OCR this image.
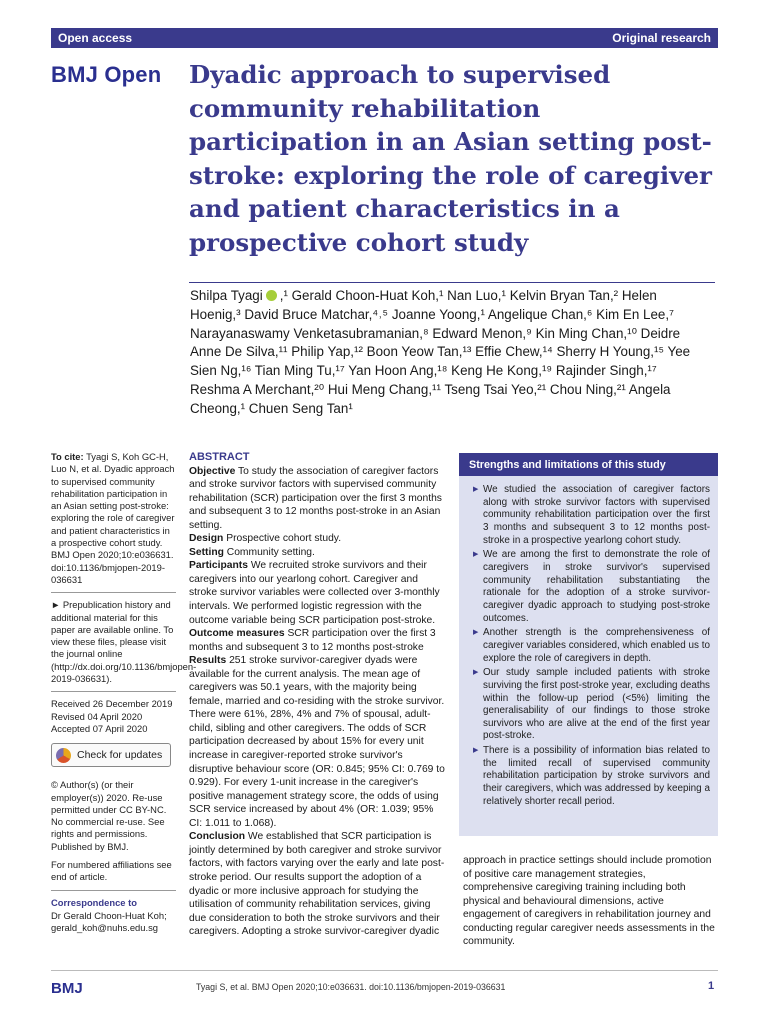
Open access	Original research
BMJ Open Dyadic approach to supervised community rehabilitation participation in an Asian setting post-stroke: exploring the role of caregiver and patient characteristics in a prospective cohort study
Shilpa Tyagi ,¹ Gerald Choon-Huat Koh,¹ Nan Luo,¹ Kelvin Bryan Tan,² Helen Hoenig,³ David Bruce Matchar,⁴˒⁵ Joanne Yoong,¹ Angelique Chan,⁶ Kim En Lee,⁷ Narayanaswamy Venketasubramanian,⁸ Edward Menon,⁹ Kin Ming Chan,¹⁰ Deidre Anne De Silva,¹¹ Philip Yap,¹² Boon Yeow Tan,¹³ Effie Chew,¹⁴ Sherry H Young,¹⁵ Yee Sien Ng,¹⁶ Tian Ming Tu,¹⁷ Yan Hoon Ang,¹⁸ Keng He Kong,¹⁹ Rajinder Singh,¹⁷ Reshma A Merchant,²⁰ Hui Meng Chang,¹¹ Tseng Tsai Yeo,²¹ Chou Ning,²¹ Angela Cheong,¹ Chuen Seng Tan¹

To cite: Tyagi S, Koh GC-H, Luo N, et al. Dyadic approach to supervised community rehabilitation participation in an Asian setting post-stroke: exploring the role of caregiver and patient characteristics in a prospective cohort study. BMJ Open 2020;10:e036631. doi:10.1136/bmjopen-2019-036631

► Prepublication history and additional material for this paper are available online. To view these files, please visit the journal online (http://dx.doi.org/10.1136/bmjopen-2019-036631).

Received 26 December 2019
Revised 04 April 2020
Accepted 07 April 2020
Check for updates

© Author(s) (or their employer(s)) 2020. Re-use permitted under CC BY-NC. No commercial re-use. See rights and permissions. Published by BMJ.

For numbered affiliations see end of article.

Correspondence to
Dr Gerald Choon-Huat Koh; gerald_koh@nuhs.edu.sg
ABSTRACT

Objective To study the association of caregiver factors and stroke survivor factors with supervised community rehabilitation (SCR) participation over the first 3 months and subsequent 3 to 12 months post-stroke in an Asian setting.

Design Prospective cohort study.

Setting Community setting.

Participants We recruited stroke survivors and their caregivers into our yearlong cohort. Caregiver and stroke survivor variables were collected over 3-monthly intervals. We performed logistic regression with the outcome variable being SCR participation post-stroke.

Outcome measures SCR participation over the first 3 months and subsequent 3 to 12 months post-stroke

Results 251 stroke survivor-caregiver dyads were available for the current analysis. The mean age of caregivers was 50.1 years, with the majority being female, married and co-residing with the stroke survivor. There were 61%, 28%, 4% and 7% of spousal, adult-child, sibling and other caregivers. The odds of SCR participation decreased by about 15% for every unit increase in caregiver-reported stroke survivor's disruptive behaviour score (OR: 0.845; 95% CI: 0.769 to 0.929). For every 1-unit increase in the caregiver's positive management strategy score, the odds of using SCR service increased by about 4% (OR: 1.039; 95% CI: 1.011 to 1.068).

Conclusion We established that SCR participation is jointly determined by both caregiver and stroke survivor factors, with factors varying over the early and late post-stroke period. Our results support the adoption of a dyadic or more inclusive approach for studying the utilisation of community rehabilitation services, giving due consideration to both the stroke survivors and their caregivers. Adopting a stroke survivor-caregiver dyadic

Strengths and limitations of this study
▶ We studied the association of caregiver factors along with stroke survivor factors with supervised community rehabilitation participation over the first 3 months and subsequent 3 to 12 months post-stroke in a prospective yearlong cohort study.
▶ We are among the first to demonstrate the role of caregivers in stroke survivor's supervised community rehabilitation substantiating the rationale for the adoption of a stroke survivor-caregiver dyadic approach to studying post-stroke outcomes.
▶ Another strength is the comprehensiveness of caregiver variables considered, which enabled us to explore the role of caregivers in depth.
▶ Our study sample included patients with stroke surviving the first post-stroke year, excluding deaths within the follow-up period (<5%) limiting the generalisability of our findings to those stroke survivors who are alive at the end of the first year post-stroke.
▶ There is a possibility of information bias related to the limited recall of supervised community rehabilitation participation by stroke survivors and their caregivers, which was addressed by keeping a relatively shorter recall period.

approach in practice settings should include promotion of positive care management strategies, comprehensive caregiving training including both physical and behavioural dimensions, active engagement of caregivers in rehabilitation journey and conducting regular caregiver needs assessments in the community.

BMJ	Tyagi S, et al. BMJ Open 2020;10:e036631. doi:10.1136/bmjopen-2019-036631	1
